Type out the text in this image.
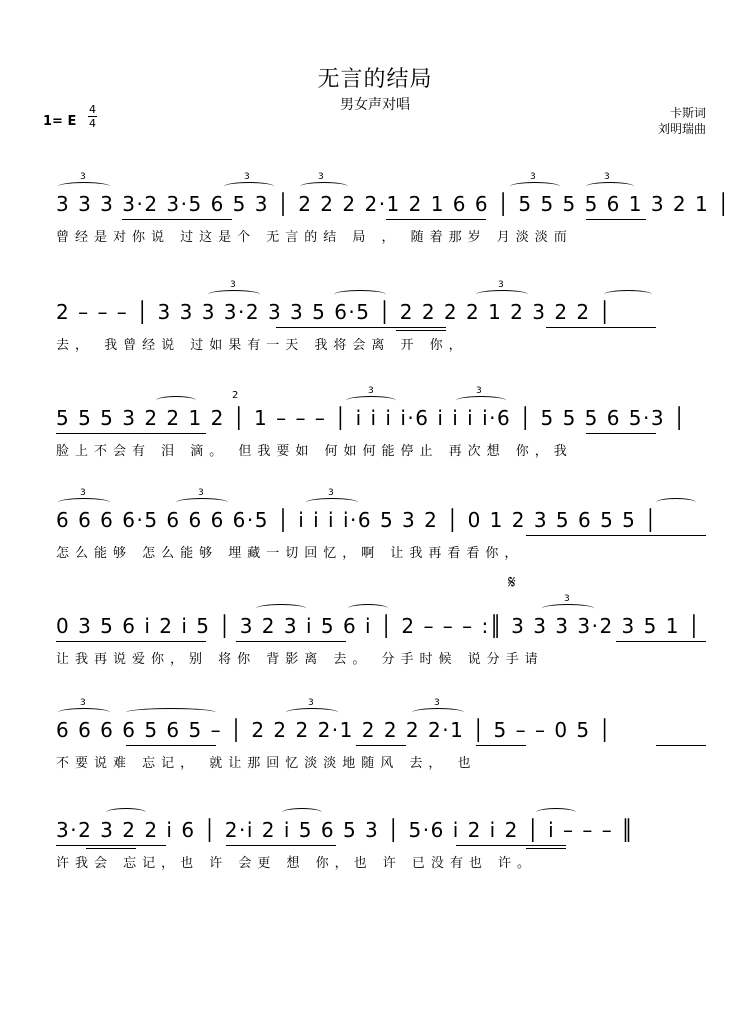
无言的结局
男女声对唱	卡斯词
刘明瑞曲
1= E
4
4
3 3 3 3·2 3·5 6 5 3 │ 2 2 2 2·1 2 1 6 6 │ 5 5 5 5 6 1 3 2 1 │
3	3	3	3	3
曾经是对你说 过这是个 无言的结 局 ， 随着那岁 月淡淡而
2 – – – │ 3 3 3 3·2 3 3 5 6·5 │ 2 2 2 2 1 2 3 2 2 │
3	3
去， 我曾经说 过如果有一天 我将会离 开 你，
5 5 5 3 2 2 1 2 │ 1 – – – │ i i i i·6 i i i i·6 │ 5 5 5 6 5·3 │
2	3	3
脸上不会有 泪 滴。 但我要如 何如何能停止 再次想 你，我
6 6 6 6·5 6 6 6 6·5 │ i i i i·6 5 3 2 │ 0 1 2 3 5 6 5 5 │
3	3	3
怎么能够 怎么能够 埋藏一切回忆，啊 让我再看看你，
0 3 5 6 i 2 i 5 │ 3 2 3 i 5 6 i │ 2 – – – :║ 3 3 3 3·2 3 5 1 │
𝄋
3
让我再说爱你，别 将你 背影离 去。 分手时候 说分手请
6 6 6 6 5 6 5 – │ 2 2 2 2·1 2 2 2 2·1 │ 5 – – 0 5 │
3	3	3
不要说难 忘记， 就让那回忆淡淡地随风 去， 也
3·2 3 2 2 i 6 │ 2·i 2 i 5 6 5 3 │ 5·6 i 2 i 2 │ i – – – ║
许我会 忘记，也 许 会更 想 你，也 许 已没有也 许。
